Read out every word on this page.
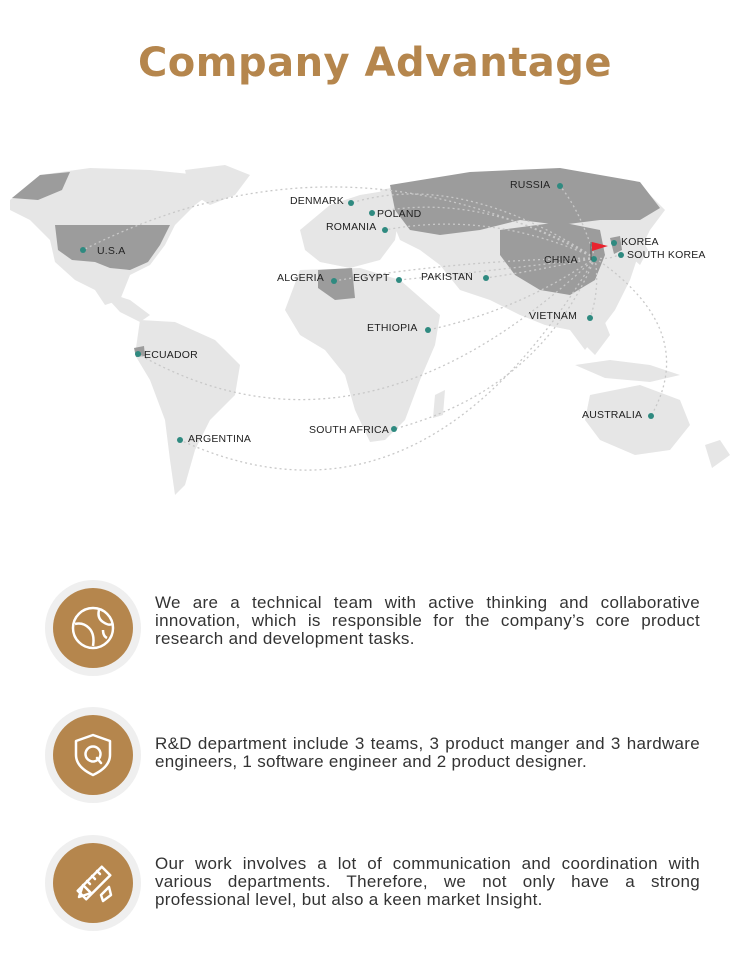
Company Advantage
RUSSIA
DENMARK
POLAND
ROMANIA
U.S.A
KOREA
CHINA	SOUTH KOREA
ALGERIA	EGYPT	PAKISTAN
VIETNAM
ETHIOPIA
ECUADOR
AUSTRALIA
SOUTH AFRICA
ARGENTINA
We are a technical team with active thinking and collaborative innovation, which is responsible for the company’s core product research and development tasks.
R&D department include 3 teams, 3 product manger and 3 hardware engineers, 1 software engineer and 2 product designer.
Our work involves a lot of communication and coordination with various departments. Therefore, we not only have a strong professional level, but also a keen market Insight.
